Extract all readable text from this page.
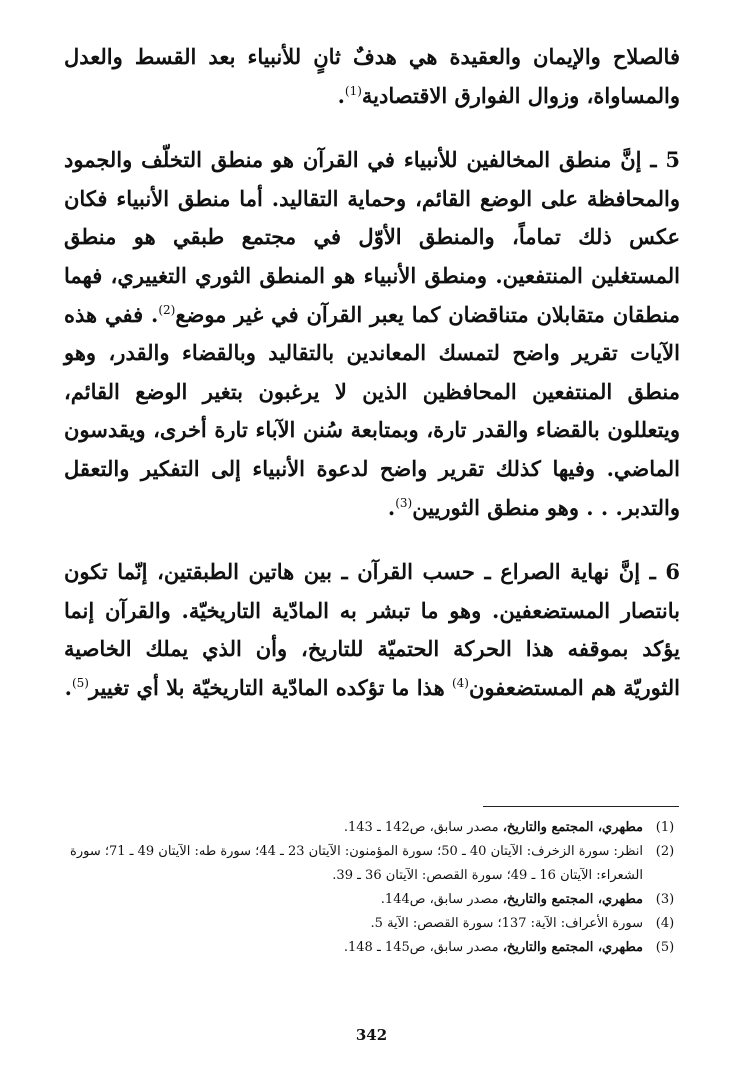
فالصلاح والإيمان والعقيدة هي هدفٌ ثانٍ للأنبياء بعد القسط والعدل والمساواة، وزوال الفوارق الاقتصادية$^{(1)}$.

5 ـ إنَّ منطق المخالفين للأنبياء في القرآن هو منطق التخلّف والجمود والمحافظة على الوضع القائم، وحماية التقاليد. أما منطق الأنبياء فكان عكس ذلك تماماً، والمنطق الأوّل في مجتمع طبقي هو منطق المستغلين المنتفعين. ومنطق الأنبياء هو المنطق الثوري التغييري، فهما منطقان متقابلان متناقضان كما يعبر القرآن في غير موضع$^{(2)}$. ففي هذه الآيات تقرير واضح لتمسك المعاندين بالتقاليد وبالقضاء والقدر، وهو منطق المنتفعين المحافظين الذين لا يرغبون بتغير الوضع القائم، ويتعللون بالقضاء والقدر تارة، وبمتابعة سُنن الآباء تارة أخرى، ويقدسون الماضي. وفيها كذلك تقرير واضح لدعوة الأنبياء إلى التفكير والتعقل والتدبر. . . وهو منطق الثوريين$^{(3)}$.

6 ـ إنَّ نهاية الصراع ـ حسب القرآن ـ بين هاتين الطبقتين، إنّما تكون بانتصار المستضعفين. وهو ما تبشر به المادّية التاريخيّة. والقرآن إنما يؤكد بموقفه هذا الحركة الحتميّة للتاريخ، وأن الذي يملك الخاصية الثوريّة هم المستضعفون$^{(4)}$ هذا ما تؤكده المادّية التاريخيّة بلا أي تغيير$^{(5)}$.

(1)
مطهري، المجتمع والتاريخ، مصدر سابق، ص142 ـ 143.
(2)
انظر: سورة الزخرف: الآيتان 40 ـ 50؛ سورة المؤمنون: الآيتان 23 ـ 44؛ سورة طه: الآيتان 49 ـ 71؛ سورة الشعراء: الآيتان 16 ـ 49؛ سورة القصص: الآيتان 36 ـ 39.
(3)
مطهري، المجتمع والتاريخ، مصدر سابق، ص144.
(4)
سورة الأعراف: الآية: 137؛ سورة القصص: الآية 5.
(5)
مطهري، المجتمع والتاريخ، مصدر سابق، ص145 ـ 148.
342
